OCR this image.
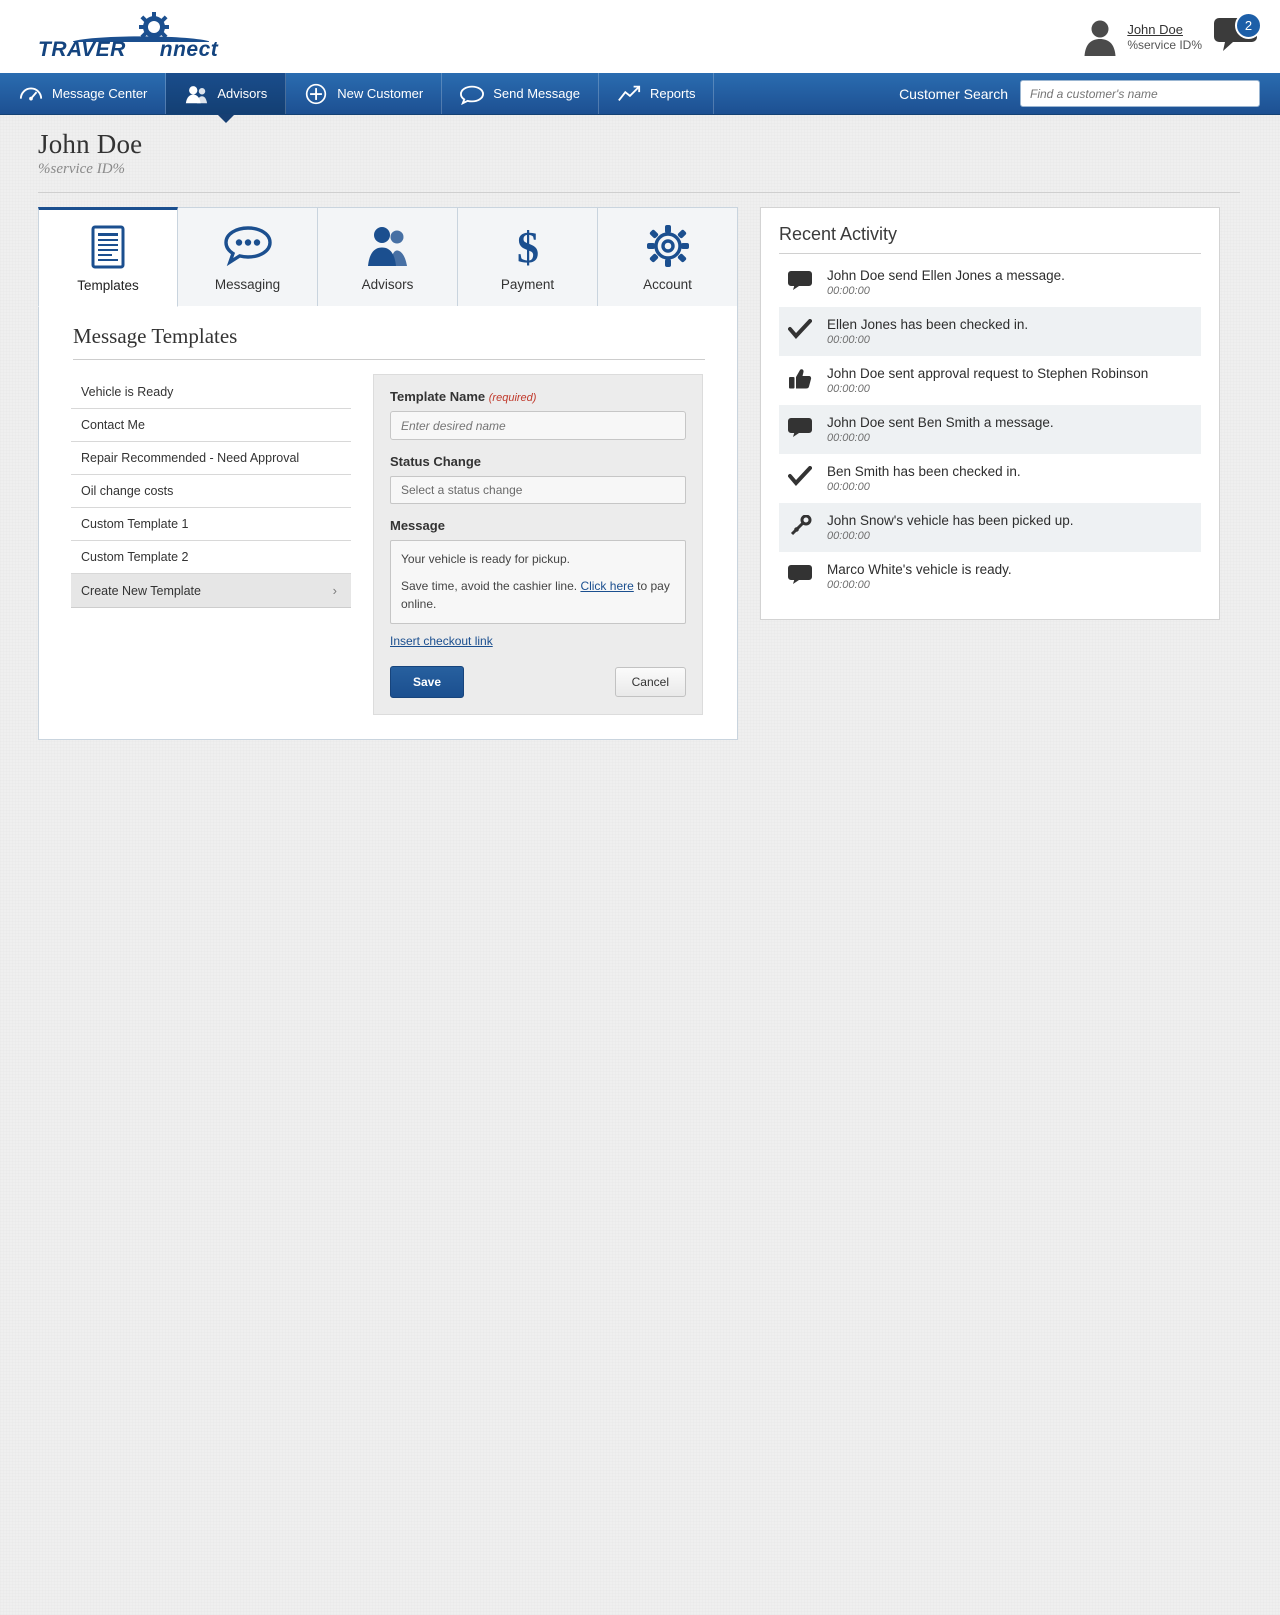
TRAVER nnect
John Doe
%service ID%
2
Message Center	Advisors	New Customer	Send Message	Reports	Customer Search
Find a customer's name
John Doe
%service ID%
Templates	Messaging	Advisors
$
Payment	Account
Message Templates
Vehicle is Ready
Contact Me
Repair Recommended - Need Approval
Oil change costs
Custom Template 1
Custom Template 2
Create New Template	›
Template Name (required)
Enter desired name
Status Change
Select a status change
Message
Your vehicle is ready for pickup.
Save time, avoid the cashier line. Click here to pay online.
Insert checkout link
Save	Cancel
Recent Activity
John Doe send Ellen Jones a message.
00:00:00
Ellen Jones has been checked in.
00:00:00
John Doe sent approval request to Stephen Robinson
00:00:00
John Doe sent Ben Smith a message.
00:00:00
Ben Smith has been checked in.
00:00:00
John Snow's vehicle has been picked up.
00:00:00
Marco White's vehicle is ready.
00:00:00
